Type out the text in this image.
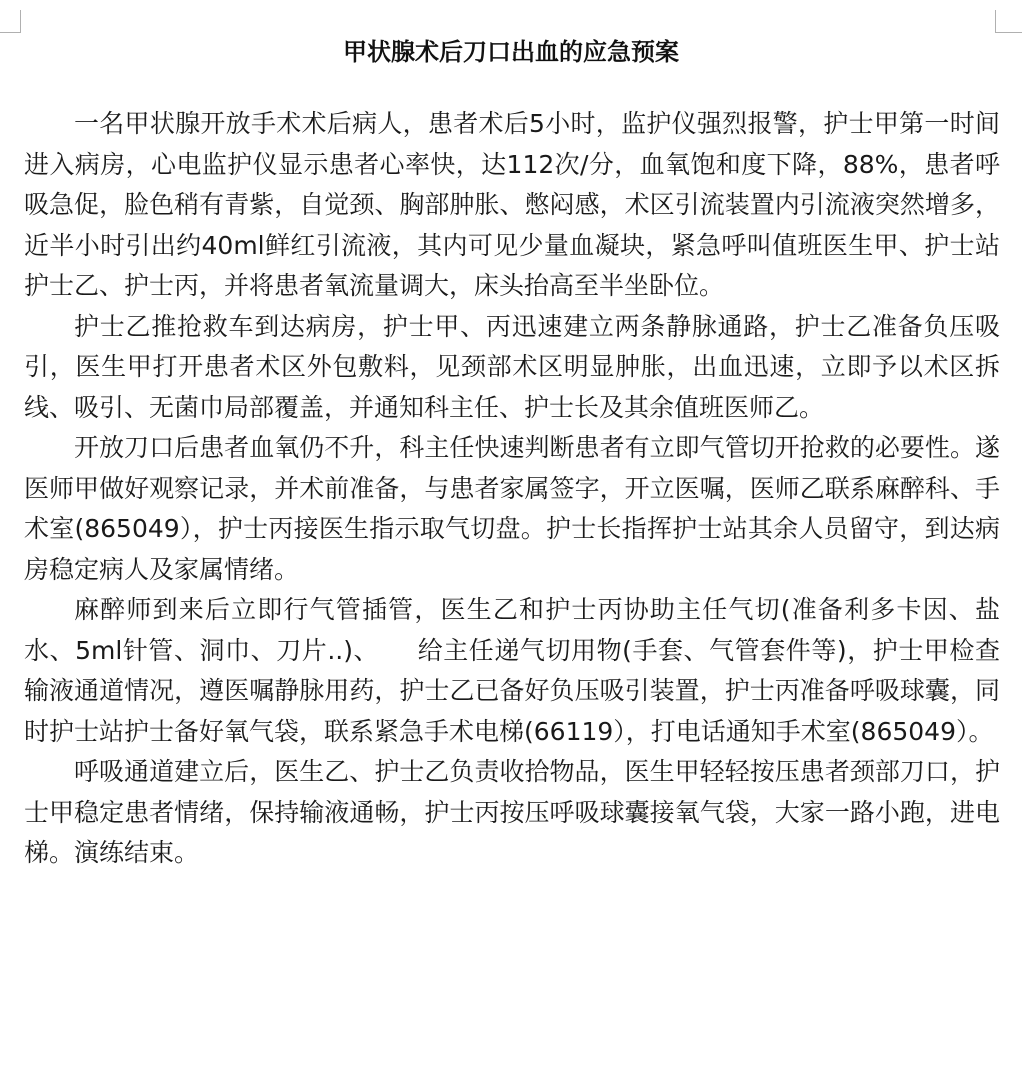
甲状腺术后刀口出血的应急预案

一名甲状腺开放手术术后病人，患者术后5小时，监护仪强烈报警，护士甲第一时间进入病房，心电监护仪显示患者心率快，达112次/分，血氧饱和度下降，88%，患者呼吸急促，脸色稍有青紫，自觉颈、胸部肿胀、憋闷感，术区引流装置内引流液突然增多，近半小时引出约40ml鲜红引流液，其内可见少量血凝块，紧急呼叫值班医生甲、护士站护士乙、护士丙，并将患者氧流量调大，床头抬高至半坐卧位。

护士乙推抢救车到达病房，护士甲、丙迅速建立两条静脉通路，护士乙准备负压吸引，医生甲打开患者术区外包敷料，见颈部术区明显肿胀，出血迅速，立即予以术区拆线、吸引、无菌巾局部覆盖，并通知科主任、护士长及其余值班医师乙。

开放刀口后患者血氧仍不升，科主任快速判断患者有立即气管切开抢救的必要性。遂医师甲做好观察记录，并术前准备，与患者家属签字，开立医嘱，医师乙联系麻醉科、手术室(865049），护士丙接医生指示取气切盘。护士长指挥护士站其余人员留守，到达病房稳定病人及家属情绪。

麻醉师到来后立即行气管插管，医生乙和护士丙协助主任气切(准备利多卡因、盐水、5ml针管、洞巾、刀片..)、　　给主任递气切用物(手套、气管套件等)，护士甲检查输液通道情况，遵医嘱静脉用药，护士乙已备好负压吸引装置，护士丙准备呼吸球囊，同时护士站护士备好氧气袋，联系紧急手术电梯(66119），打电话通知手术室(865049）。

呼吸通道建立后，医生乙、护士乙负责收拾物品，医生甲轻轻按压患者颈部刀口，护士甲稳定患者情绪，保持输液通畅，护士丙按压呼吸球囊接氧气袋，大家一路小跑，进电梯。演练结束。
